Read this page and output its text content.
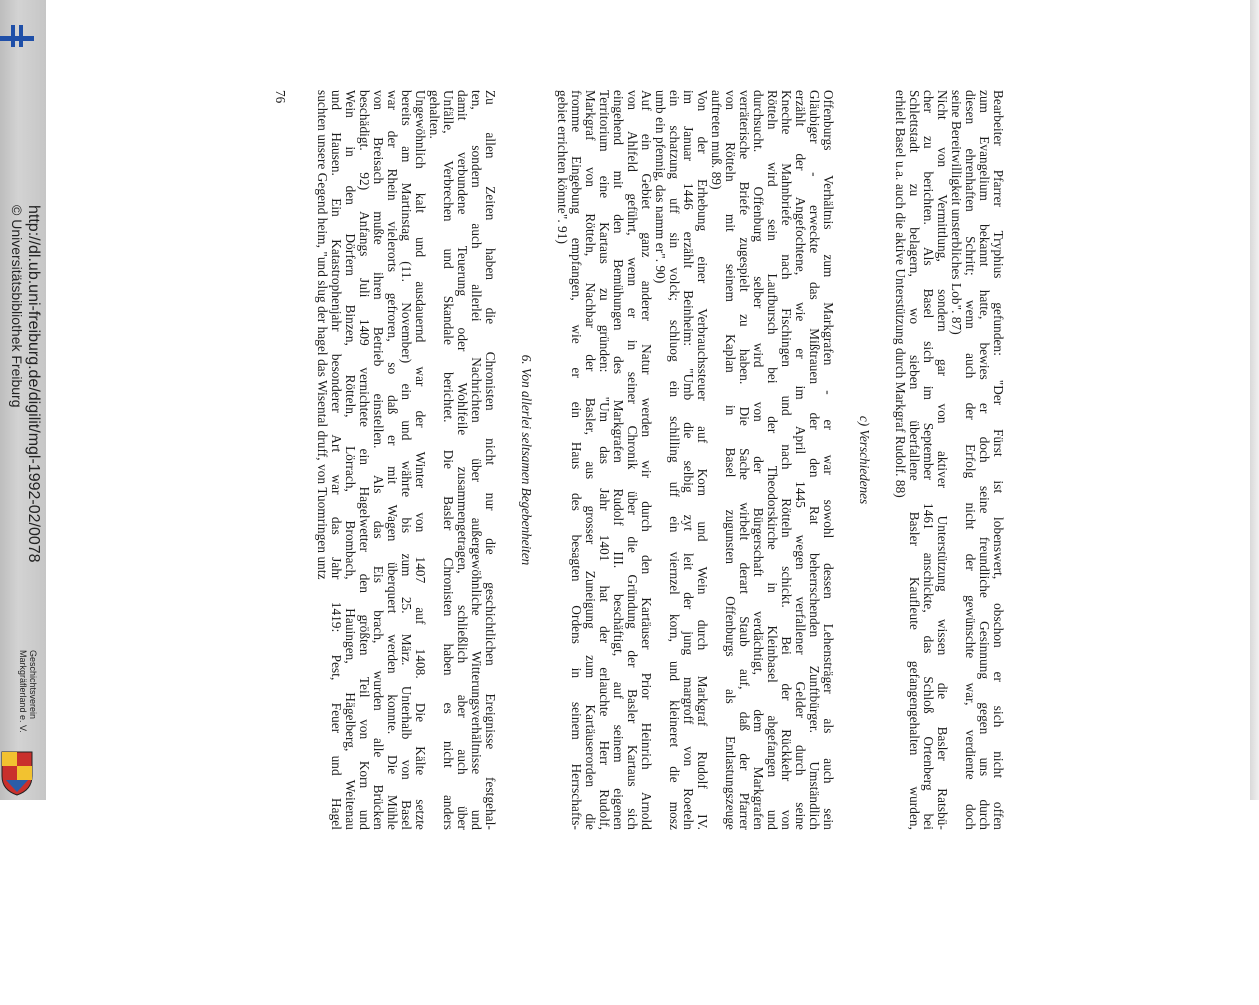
http://dl.ub.uni-freiburg.de/digilit/mgl-1992-02/0078
© Universitätsbibliothek Freiburg
Geschichtsverein
Markgräflerland e. V.	Bearbeiter Pfarrer Tryphius gefunden: "Der Fürst ist lobenswert, obschon er sich nicht offen
zum Evangelium bekannt hatte, bewies er doch seine freundliche Gesinnung gegen uns durch
diesen ehrenhaften Schritt; wenn auch der Erfolg nicht der gewünschte war, verdiente doch
seine Bereitwilligkeit unsterbliches Lob". 87)
Nicht von Vermittlung, sondern gar von aktiver Unterstützung wissen die Basler Ratsbü-
cher zu berichten. Als Basel sich im September 1461 anschickte, das Schloß Ortenberg bei
Schlettstadt zu belagern, wo sieben überfallene Basler Kaufleute gefangengehalten wurden,
erhielt Basel u.a. auch die aktive Unterstützung durch Markgraf Rudolf. 88)
c) Verschiedenes
Offenburgs Verhältnis zum Markgrafen - er war sowohl dessen Lehensträger als auch sein
Gläubiger - erweckte das Mißtrauen der den Rat beherrschenden Zunftbürger. Umständlich
erzählt der Angefochtene, wie er im April 1445 wegen verfallener Gelder durch seine
Knechte Mahnbriefe nach Fischingen und nach Rötteln schickt. Bei der Rückkehr von
Rötteln wird sein Laufbursch bei der Theodorskirche in Kleinbasel abgefangen und
durchsucht. Offenburg selber wird von der Bürgerschaft verdächtigt, dem Markgrafen
verräterische Briefe zugespielt zu haben. Die Sache wirbelt derart Staub auf, daß der Pfarrer
von Rötteln mit seinem Kaplan in Basel zugunsten Offenburgs als Entlastungszeuge
auftreten muß. 89)
Von der Erhebung einer Verbrauchssteuer auf Korn und Wein durch Markgraf Rudolf IV.
im Januar 1446 erzählt Beinheim: "Umb die selbig zyt leit der jung margroff von Roeteln
ein schatzung uff sin volck; schluog ein schilling uff ein viernzel korn, und kleineret die mosz
umb ein pfennig, das namm er". 90)
Auf ein Gebiet ganz anderer Natur werden wir durch den Kartäuser Prior Heinrich Arnold
von Ahlfeld geführt, wenn er in seiner Chronik über die Gründung der Basler Kartaus sich
eingehend mit den Bemühungen des Markgrafen Rudolf III. beschäftigt, auf seinem eigenen
Territorium eine Kartaus zu gründen: "Um das Jahr 1401 hat der erlauchte Herr Rudolf,
Markgraf von Rötteln, Nachbar der Basler, aus grosser Zuneigung zum Kartäuserorden die
fromme Eingebung empfangen, wie er ein Haus des besagten Ordens in seinem Herrschafts-
gebiet errichten könnte". 91)
6. Von allerlei seltsamen Begebenheiten
Zu allen Zeiten haben die Chronisten nicht nur die geschichtlichen Ereignisse festgehal-
ten, sondern auch allerlei Nachrichten über außergewöhnliche Witterungsverhältnisse und
damit verbundene Teuerung oder Wohlfeile zusammengetragen, schließlich aber auch über
Unfälle, Verbrechen und Skandale berichtet. Die Basler Chronisten haben es nicht anders
gehalten.
Ungewöhnlich kalt und ausdauernd war der Winter von 1407 auf 1408. Die Kälte setzte
bereits am Martinstag (11. November) ein und währte bis zum 25. März. Unterhalb von Basel
war der Rhein vielerorts gefroren, so daß er mit Wagen überquert werden konnte. Die Mühle
von Breisach mußte ihren Betrieb einstellen. Als das Eis brach, wurden alle Brücken
beschädigt. 92) Anfangs Juli 1409 vernichtete ein Hagelwetter den größten Teil von Korn und
Wein in den Dörfern Binzen, Rötteln, Lörrach, Brombach, Hauingen, Hägelberg, Weitenau
und Hausen. Ein Katastrophenjahr besonderer Art war das Jahr 1419: Pest, Feuer und Hagel
suchten unsere Gegend heim, "und slug der hagel das Wisental druff, von Tuomringen untz
76
